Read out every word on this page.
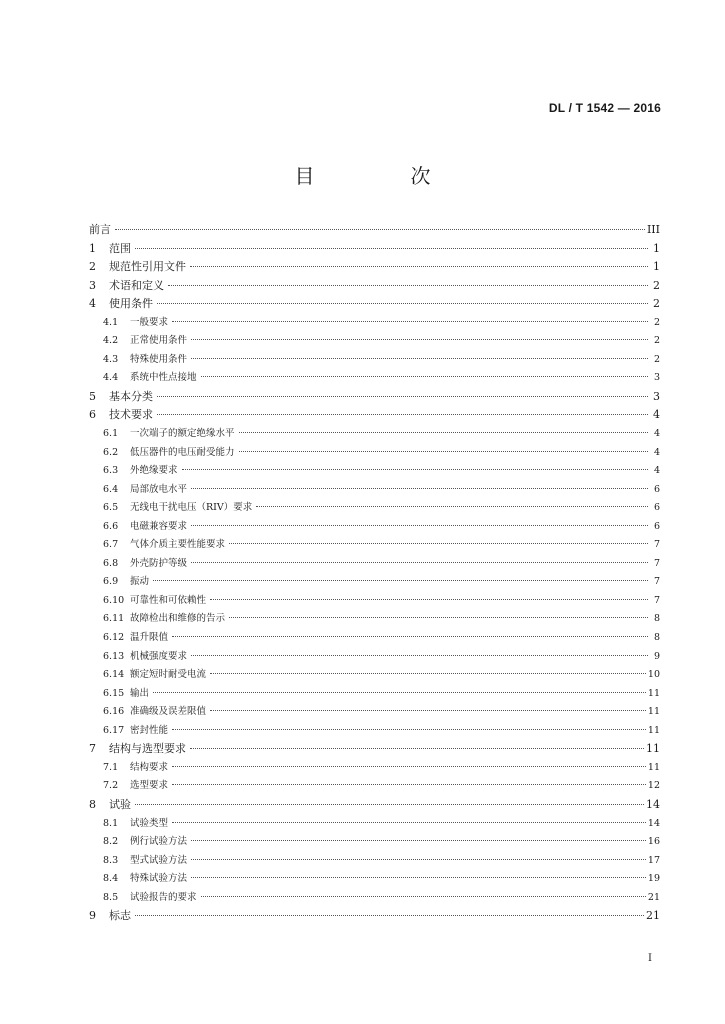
DL / T 1542 — 2016
目　次
前言	III
1	范围	1
2	规范性引用文件	1
3	术语和定义	2
4	使用条件	2
4.1	一般要求	2
4.2	正常使用条件	2
4.3	特殊使用条件	2
4.4	系统中性点接地	3
5	基本分类	3
6	技术要求	4
6.1	一次端子的额定绝缘水平	4
6.2	低压器件的电压耐受能力	4
6.3	外绝缘要求	4
6.4	局部放电水平	6
6.5	无线电干扰电压（RIV）要求	6
6.6	电磁兼容要求	6
6.7	气体介质主要性能要求	7
6.8	外壳防护等级	7
6.9	振动	7
6.10 可靠性和可依赖性	7
6.11 故障检出和维修的告示	8
6.12 温升限值	8
6.13 机械强度要求	9
6.14 额定短时耐受电流	10
6.15 输出	11
6.16 准确级及误差限值	11
6.17 密封性能	11
7	结构与选型要求	11
7.1	结构要求	11
7.2	选型要求	12
8	试验	14
8.1	试验类型	14
8.2	例行试验方法	16
8.3	型式试验方法	17
8.4	特殊试验方法	19
8.5	试验报告的要求	21
9	标志	21
I
